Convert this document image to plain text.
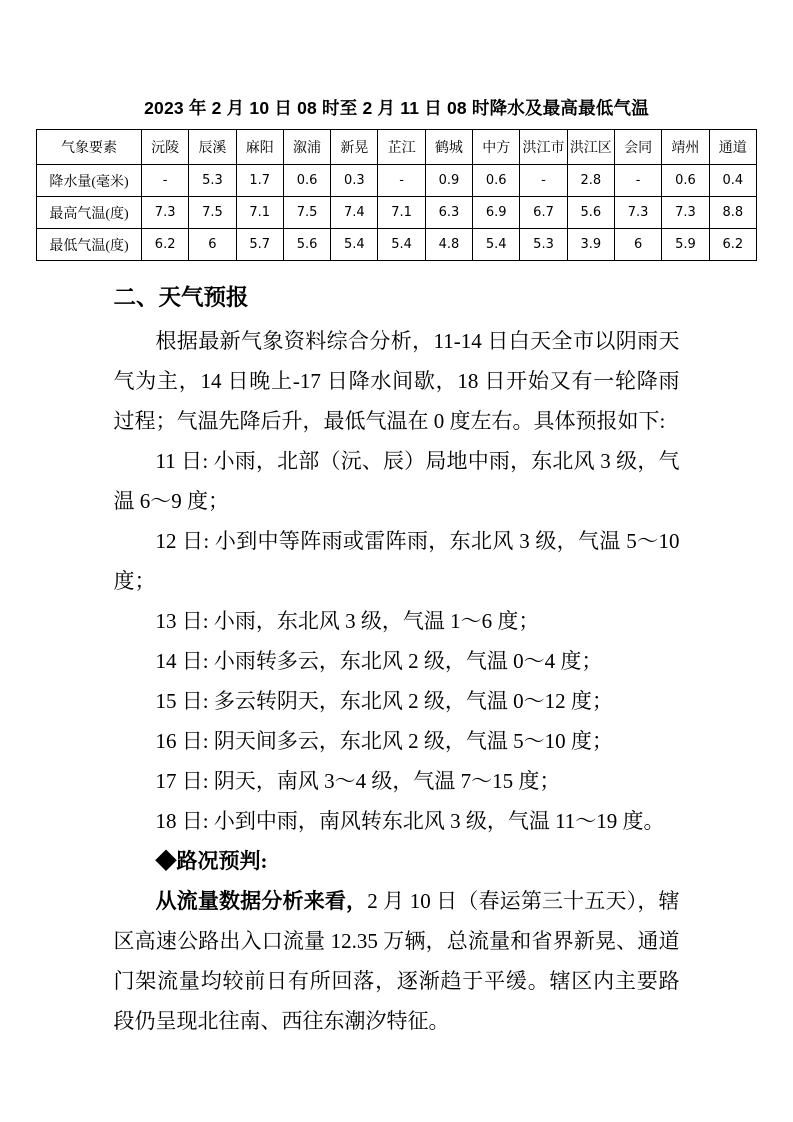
2023 年 2 月 10 日 08 时至 2 月 11 日 08 时降水及最高最低气温
气象要素	沅陵	辰溪	麻阳	溆浦	新晃	芷江	鹤城	中方	洪江市	洪江区	会同	靖州	通道
降水量(毫米)	-	5.3	1.7	0.6	0.3	-	0.9	0.6	-	2.8	-	0.6	0.4
最高气温(度)	7.3	7.5	7.1	7.5	7.4	7.1	6.3	6.9	6.7	5.6	7.3	7.3	8.8
最低气温(度)	6.2	6	5.7	5.6	5.4	5.4	4.8	5.4	5.3	3.9	6	5.9	6.2
二、天气预报

根据最新气象资料综合分析，11-14 日白天全市以阴雨天气为主，14 日晚上-17 日降水间歇，18 日开始又有一轮降雨过程；气温先降后升，最低气温在 0 度左右。具体预报如下:

11 日: 小雨，北部（沅、辰）局地中雨，东北风 3 级，气温 6～9 度；

12 日: 小到中等阵雨或雷阵雨，东北风 3 级，气温 5～10 度；

13 日: 小雨，东北风 3 级，气温 1～6 度；

14 日: 小雨转多云，东北风 2 级，气温 0～4 度；

15 日: 多云转阴天，东北风 2 级，气温 0～12 度；

16 日: 阴天间多云，东北风 2 级，气温 5～10 度；

17 日: 阴天，南风 3～4 级，气温 7～15 度；

18 日: 小到中雨，南风转东北风 3 级，气温 11～19 度。

◆路况预判:

从流量数据分析来看，2 月 10 日（春运第三十五天），辖区高速公路出入口流量 12.35 万辆，总流量和省界新晃、通道门架流量均较前日有所回落，逐渐趋于平缓。辖区内主要路段仍呈现北往南、西往东潮汐特征。
